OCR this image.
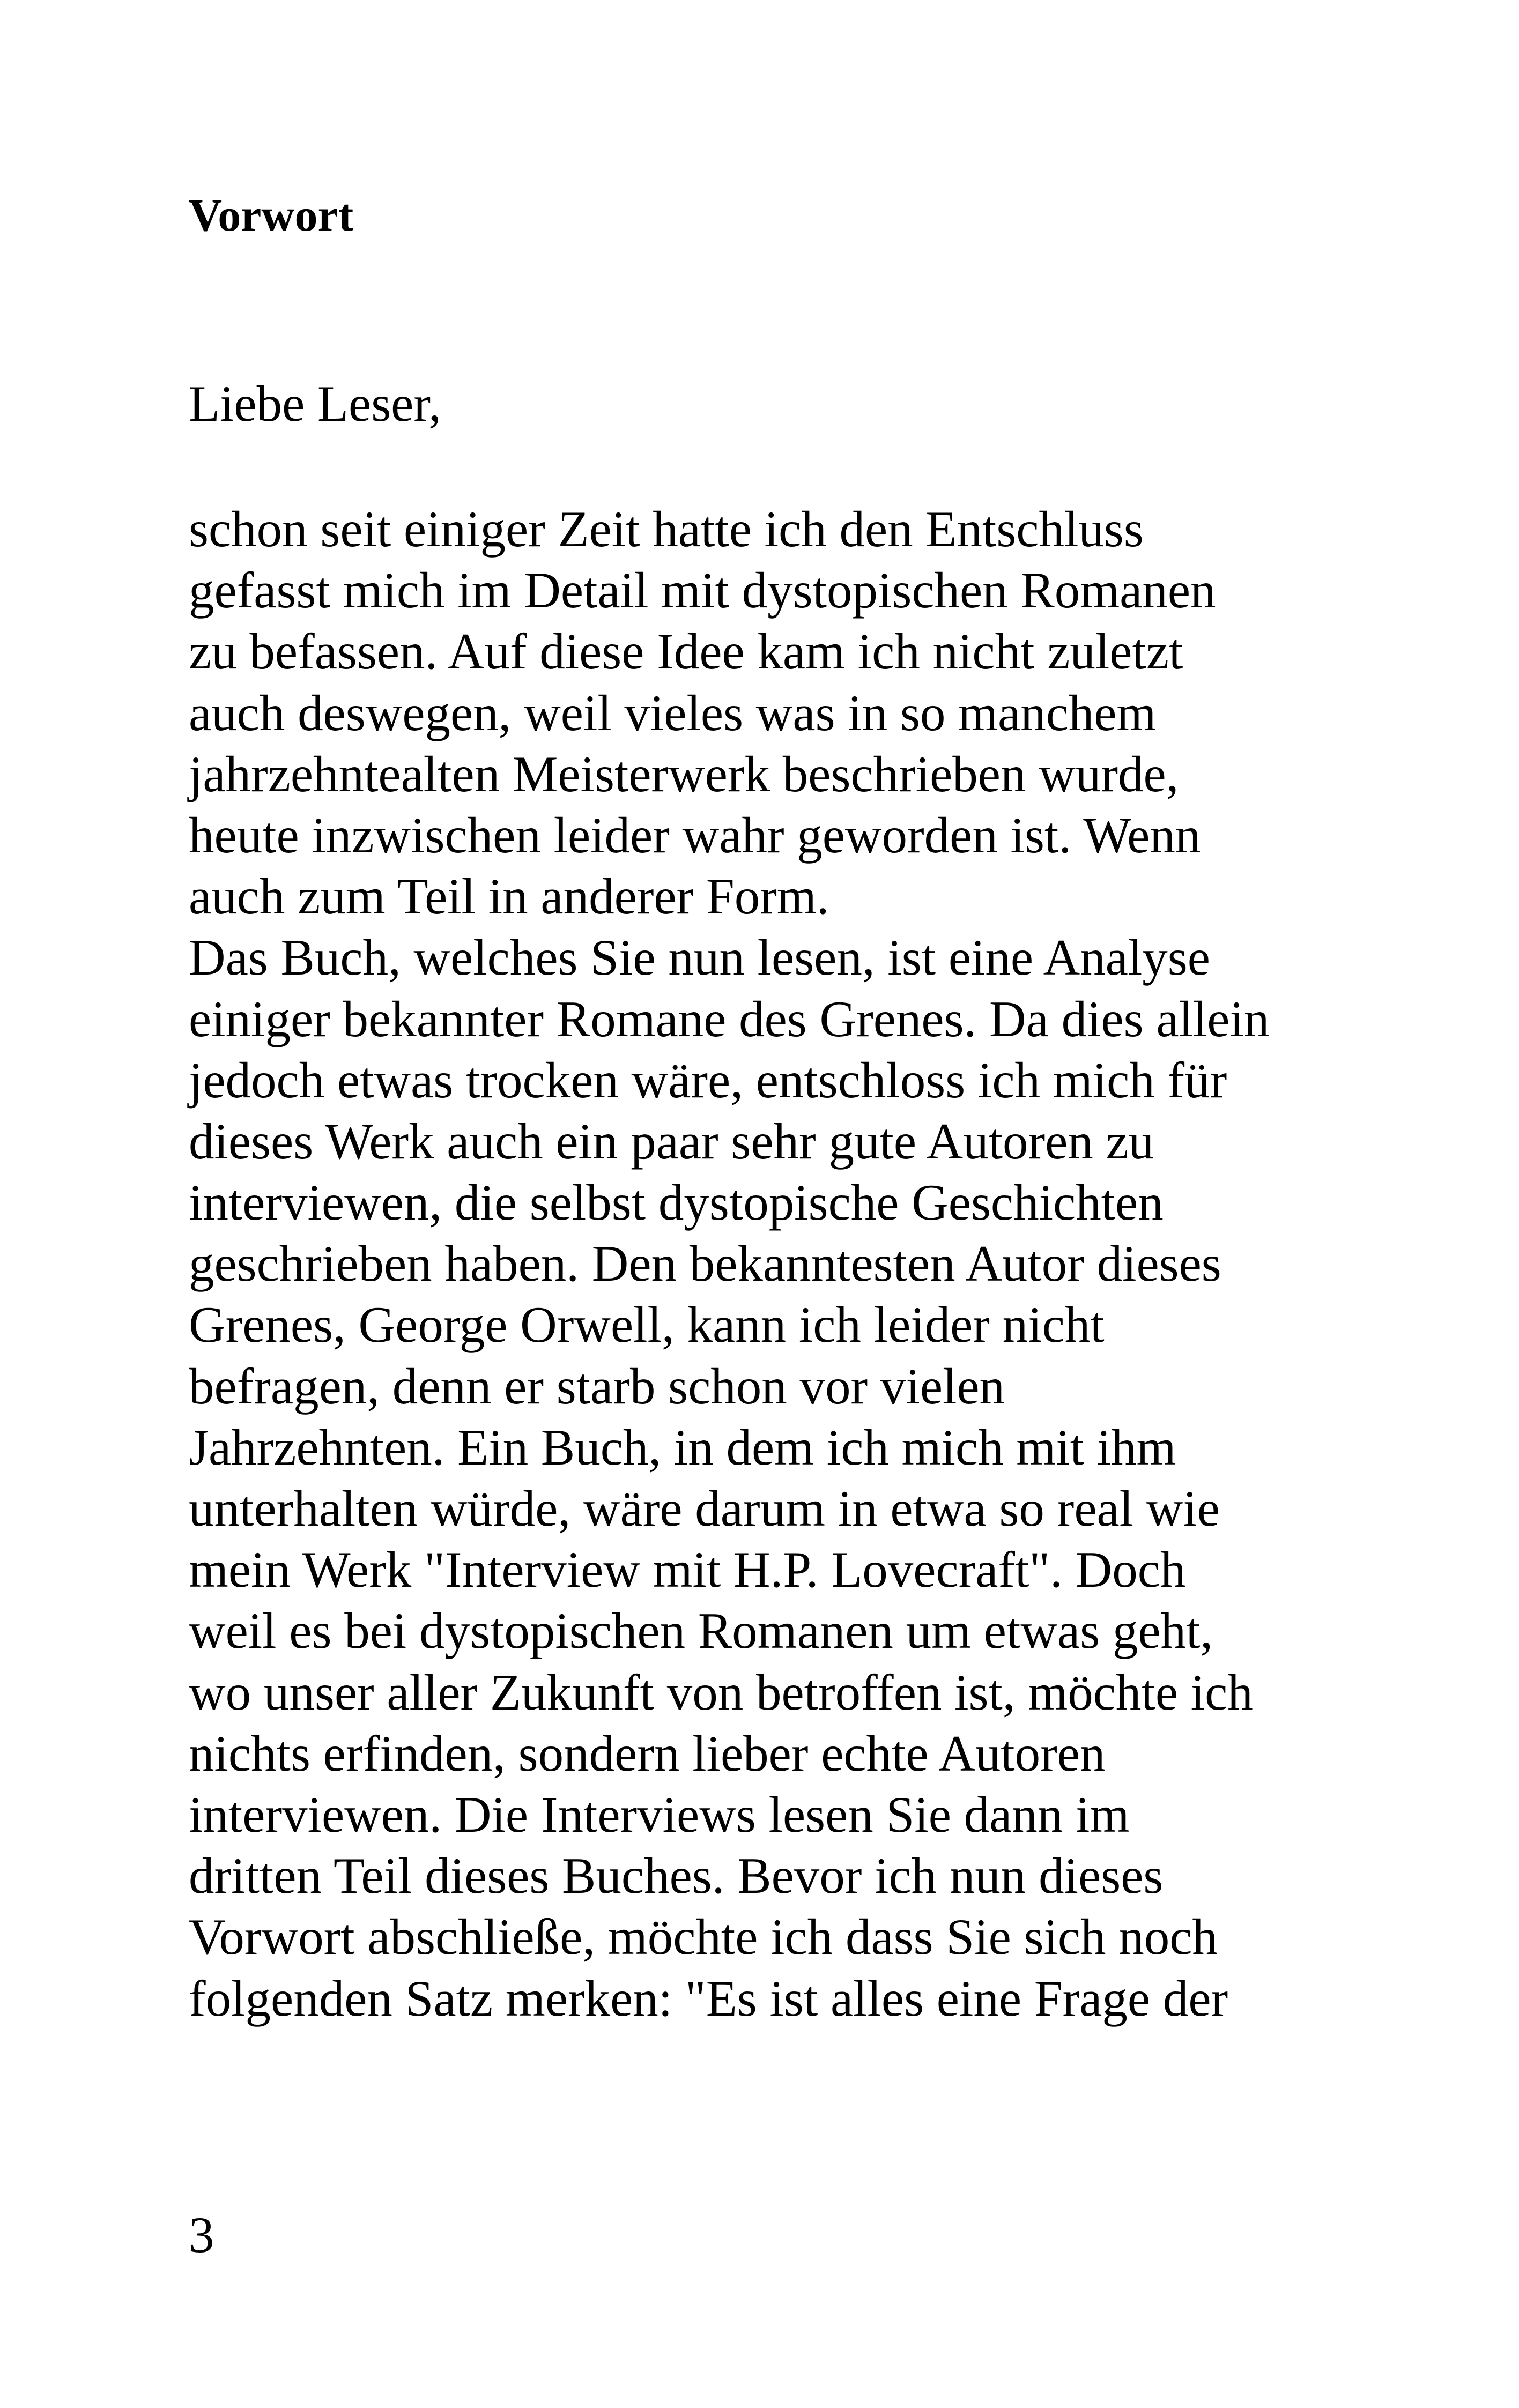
Vorwort
Liebe Leser,
schon seit einiger Zeit hatte ich den Entschluss
gefasst mich im Detail mit dystopischen Romanen
zu befassen. Auf diese Idee kam ich nicht zuletzt
auch deswegen, weil vieles was in so manchem
jahrzehntealten Meisterwerk beschrieben wurde,
heute inzwischen leider wahr geworden ist. Wenn
auch zum Teil in anderer Form.
Das Buch, welches Sie nun lesen, ist eine Analyse
einiger bekannter Romane des Grenes. Da dies allein
jedoch etwas trocken wäre, entschloss ich mich für
dieses Werk auch ein paar sehr gute Autoren zu
interviewen, die selbst dystopische Geschichten
geschrieben haben. Den bekanntesten Autor dieses
Grenes, George Orwell, kann ich leider nicht
befragen, denn er starb schon vor vielen
Jahrzehnten. Ein Buch, in dem ich mich mit ihm
unterhalten würde, wäre darum in etwa so real wie
mein Werk "Interview mit H.P. Lovecraft". Doch
weil es bei dystopischen Romanen um etwas geht,
wo unser aller Zukunft von betroffen ist, möchte ich
nichts erfinden, sondern lieber echte Autoren
interviewen. Die Interviews lesen Sie dann im
dritten Teil dieses Buches. Bevor ich nun dieses
Vorwort abschließe, möchte ich dass Sie sich noch
folgenden Satz merken: "Es ist alles eine Frage der
3
